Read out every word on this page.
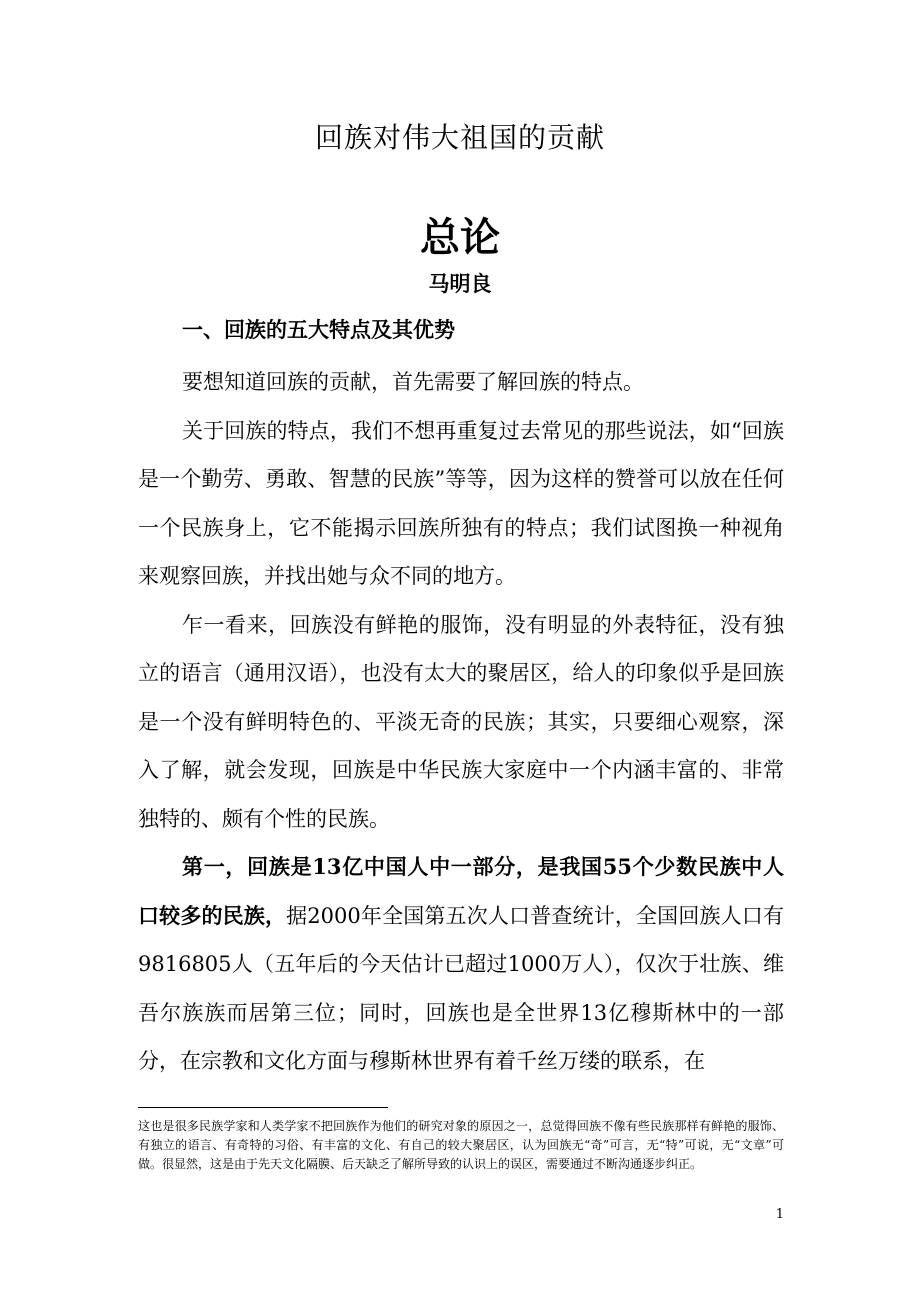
回族对伟大祖国的贡献
总论
马明良
一、回族的五大特点及其优势

要想知道回族的贡献，首先需要了解回族的特点。

关于回族的特点，我们不想再重复过去常见的那些说法，如“回族是一个勤劳、勇敢、智慧的民族”等等，因为这样的赞誉可以放在任何一个民族身上，它不能揭示回族所独有的特点；我们试图换一种视角来观察回族，并找出她与众不同的地方。

乍一看来，回族没有鲜艳的服饰，没有明显的外表特征，没有独立的语言（通用汉语），也没有太大的聚居区，给人的印象似乎是回族是一个没有鲜明特色的、平淡无奇的民族；其实，只要细心观察，深入了解，就会发现，回族是中华民族大家庭中一个内涵丰富的、非常独特的、颇有个性的民族。

第一，回族是13亿中国人中一部分，是我国55个少数民族中人口较多的民族，据2000年全国第五次人口普查统计，全国回族人口有 9816805人（五年后的今天估计已超过1000万人），仅次于壮族、维吾尔族族而居第三位；同时，回族也是全世界13亿穆斯林中的一部分，在宗教和文化方面与穆斯林世界有着千丝万缕的联系，在

这也是很多民族学家和人类学家不把回族作为他们的研究对象的原因之一，总觉得回族不像有些民族那样有鲜艳的服饰、有独立的语言、有奇特的习俗、有丰富的文化、有自己的较大聚居区，认为回族无“奇”可言，无“特”可说，无“文章”可做。很显然，这是由于先天文化隔膜、后天缺乏了解所导致的认识上的误区，需要通过不断沟通逐步纠正。
1
